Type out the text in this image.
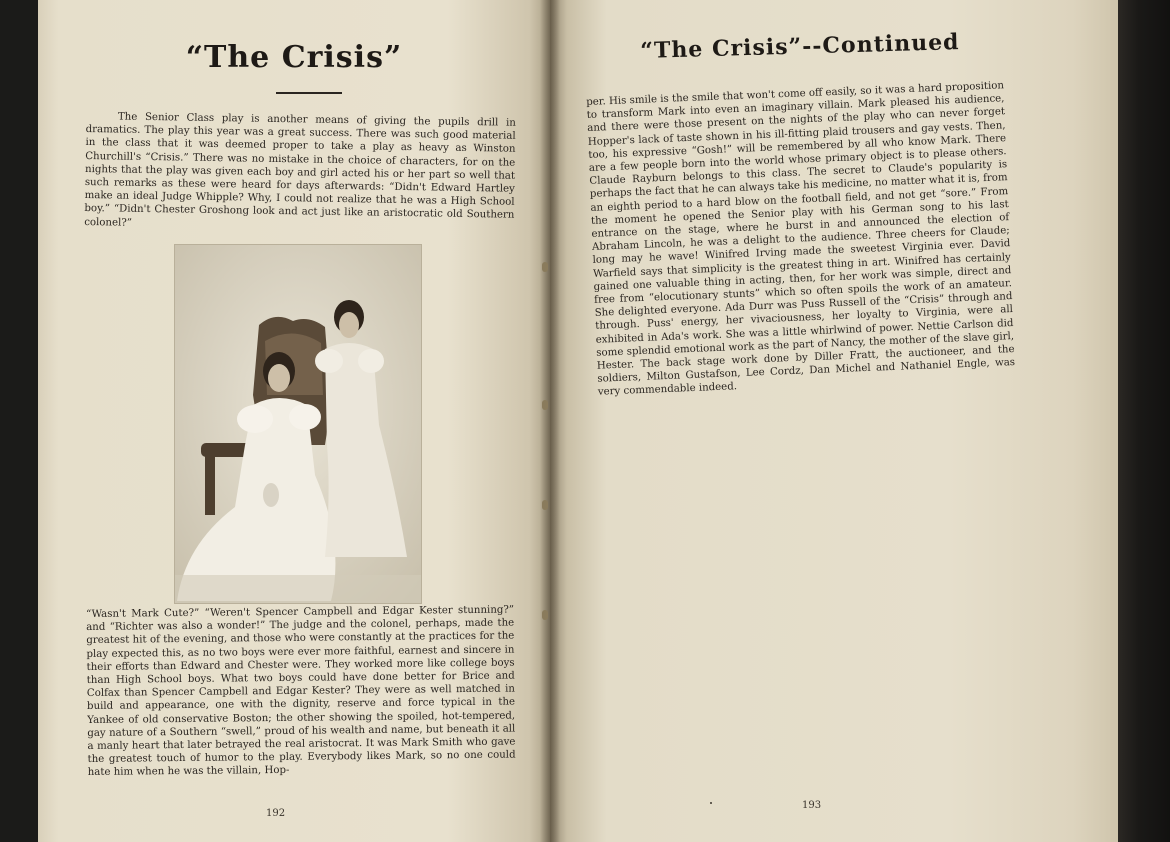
“The Crisis”

The Senior Class play is another means of giving the pupils drill in dramatics. The play this year was a great success. There was such good material in the class that it was deemed proper to take a play as heavy as Winston Churchill's “Crisis.” There was no mistake in the choice of characters, for on the nights that the play was given each boy and girl acted his or her part so well that such remarks as these were heard for days afterwards: “Didn't Edward Hartley make an ideal Judge Whipple? Why, I could not realize that he was a High School boy.” “Didn't Chester Groshong look and act just like an aristocratic old Southern colonel?”

“Wasn't Mark Cute?” “Weren't Spencer Campbell and Edgar Kester stunning?” and “Richter was also a wonder!” The judge and the colonel, perhaps, made the greatest hit of the evening, and those who were constantly at the practices for the play expected this, as no two boys were ever more faithful, earnest and sincere in their efforts than Edward and Chester were. They worked more like college boys than High School boys. What two boys could have done better for Brice and Colfax than Spencer Campbell and Edgar Kester? They were as well matched in build and appearance, one with the dignity, reserve and force typical in the Yankee of old conservative Boston; the other showing the spoiled, hot-tempered, gay nature of a Southern “swell,” proud of his wealth and name, but beneath it all a manly heart that later betrayed the real aristocrat. It was Mark Smith who gave the greatest touch of humor to the play. Everybody likes Mark, so no one could hate him when he was the villain, Hop-

192
“The Crisis”--Continued

per. His smile is the smile that won't come off easily, so it was a hard proposition to transform Mark into even an imaginary villain. Mark pleased his audience, and there were those present on the nights of the play who can never forget Hopper's lack of taste shown in his ill-fitting plaid trousers and gay vests. Then, too, his expressive “Gosh!” will be remembered by all who know Mark. There are a few people born into the world whose primary object is to please others. Claude Rayburn belongs to this class. The secret to Claude's popularity is perhaps the fact that he can always take his medicine, no matter what it is, from an eighth period to a hard blow on the football field, and not get “sore.” From the moment he opened the Senior play with his German song to his last entrance on the stage, where he burst in and announced the election of Abraham Lincoln, he was a delight to the audience. Three cheers for Claude; long may he wave! Winifred Irving made the sweetest Virginia ever. David Warfield says that simplicity is the greatest thing in art. Winifred has certainly gained one valuable thing in acting, then, for her work was simple, direct and free from “elocutionary stunts” which so often spoils the work of an amateur. She delighted everyone. Ada Durr was Puss Russell of the “Crisis” through and through. Puss' energy, her vivaciousness, her loyalty to Virginia, were all exhibited in Ada's work. She was a little whirlwind of power. Nettie Carlson did some splendid emotional work as the part of Nancy, the mother of the slave girl, Hester. The back stage work done by Diller Fratt, the auctioneer, and the soldiers, Milton Gustafson, Lee Cordz, Dan Michel and Nathaniel Engle, was very commendable indeed.

193
